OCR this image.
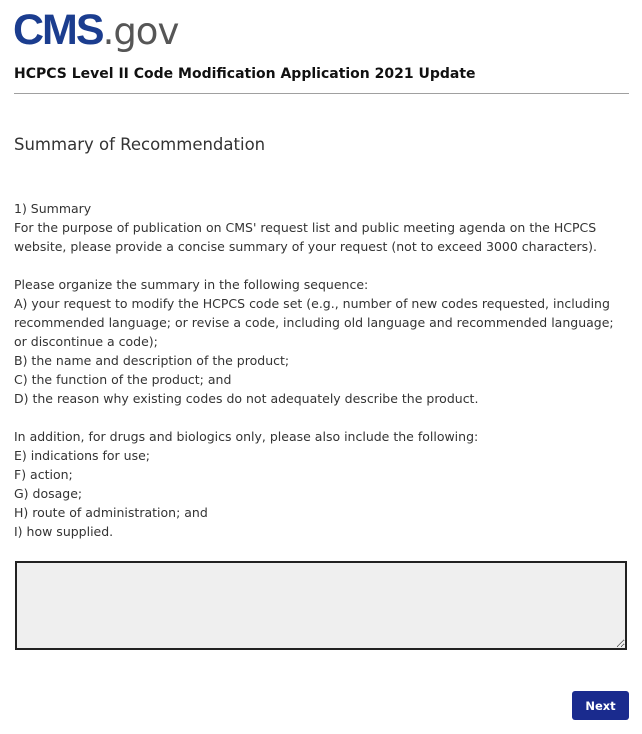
CMS .gov
HCPCS Level II Code Modification Application 2021 Update
Summary of Recommendation
1) Summary
For the purpose of publication on CMS' request list and public meeting agenda on the HCPCS
website, please provide a concise summary of your request (not to exceed 3000 characters).
Please organize the summary in the following sequence:
A) your request to modify the HCPCS code set (e.g., number of new codes requested, including
recommended language; or revise a code, including old language and recommended language;
or discontinue a code);
B) the name and description of the product;
C) the function of the product; and
D) the reason why existing codes do not adequately describe the product.
In addition, for drugs and biologics only, please also include the following:
E) indications for use;
F) action;
G) dosage;
H) route of administration; and
I) how supplied.
Next
